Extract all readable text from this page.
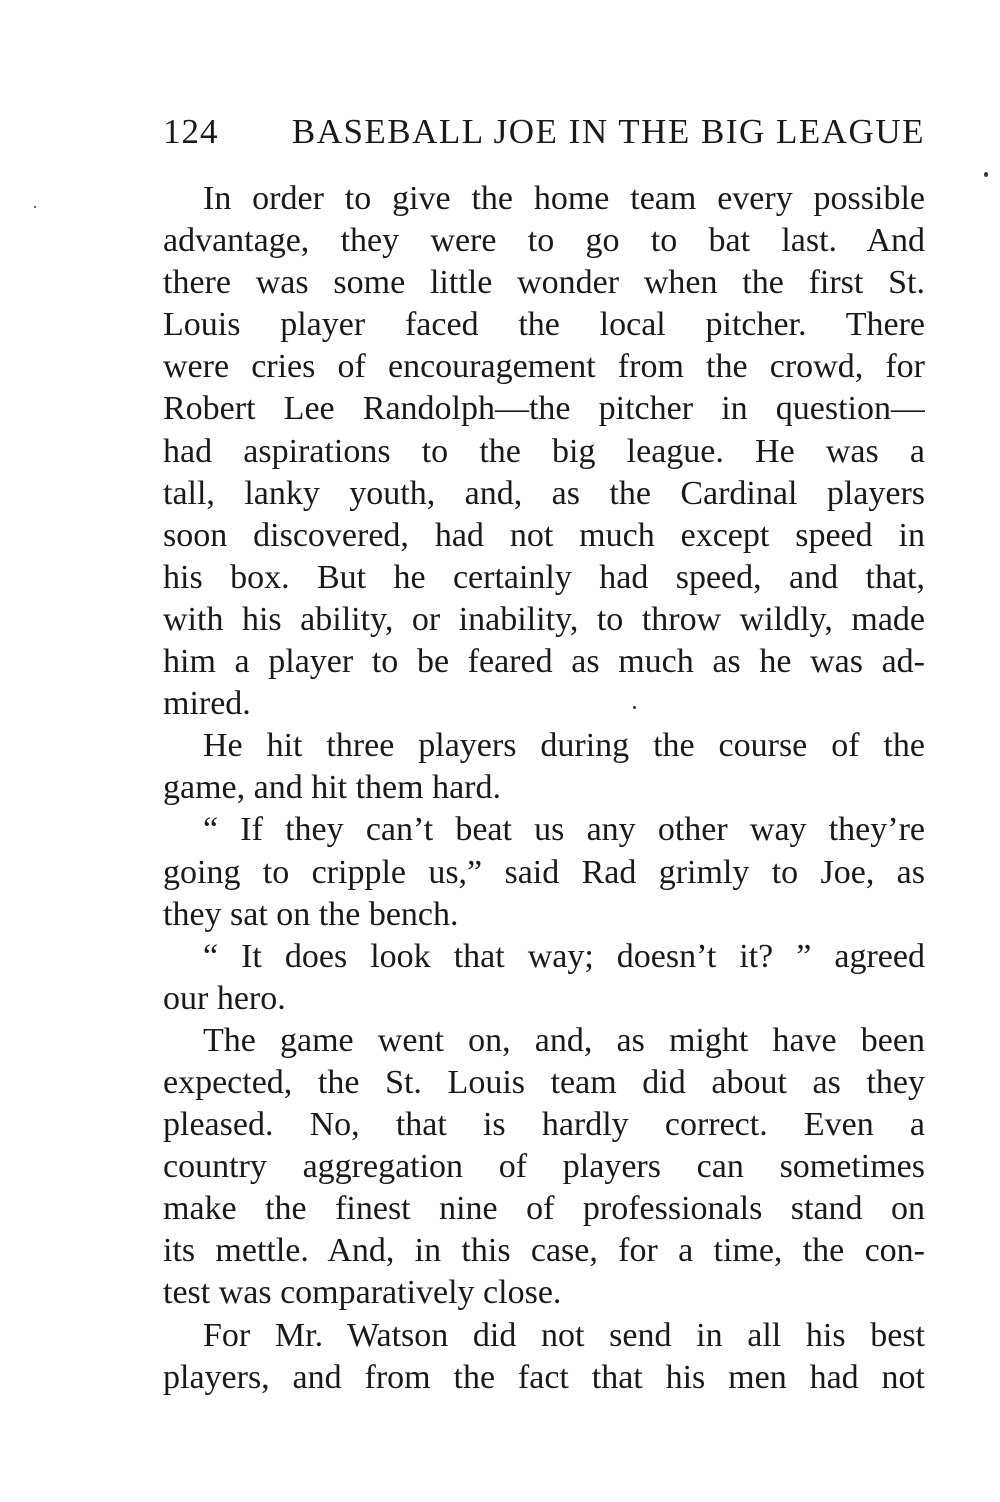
124 BASEBALL JOE IN THE BIG LEAGUE
In order to give the home team every possible
advantage, they were to go to bat last. And
there was some little wonder when the first St.
Louis player faced the local pitcher. There
were cries of encouragement from the crowd, for
Robert Lee Randolph—the pitcher in question—
had aspirations to the big league. He was a
tall, lanky youth, and, as the Cardinal players
soon discovered, had not much except speed in
his box. But he certainly had speed, and that,
with his ability, or inability, to throw wildly, made
him a player to be feared as much as he was ad-
mired.
He hit three players during the course of the
game, and hit them hard.
“ If they can’t beat us any other way they’re
going to cripple us,” said Rad grimly to Joe, as
they sat on the bench.
“ It does look that way; doesn’t it? ” agreed
our hero.
The game went on, and, as might have been
expected, the St. Louis team did about as they
pleased. No, that is hardly correct. Even a
country aggregation of players can sometimes
make the finest nine of professionals stand on
its mettle. And, in this case, for a time, the con-
test was comparatively close.
For Mr. Watson did not send in all his best
players, and from the fact that his men had not
